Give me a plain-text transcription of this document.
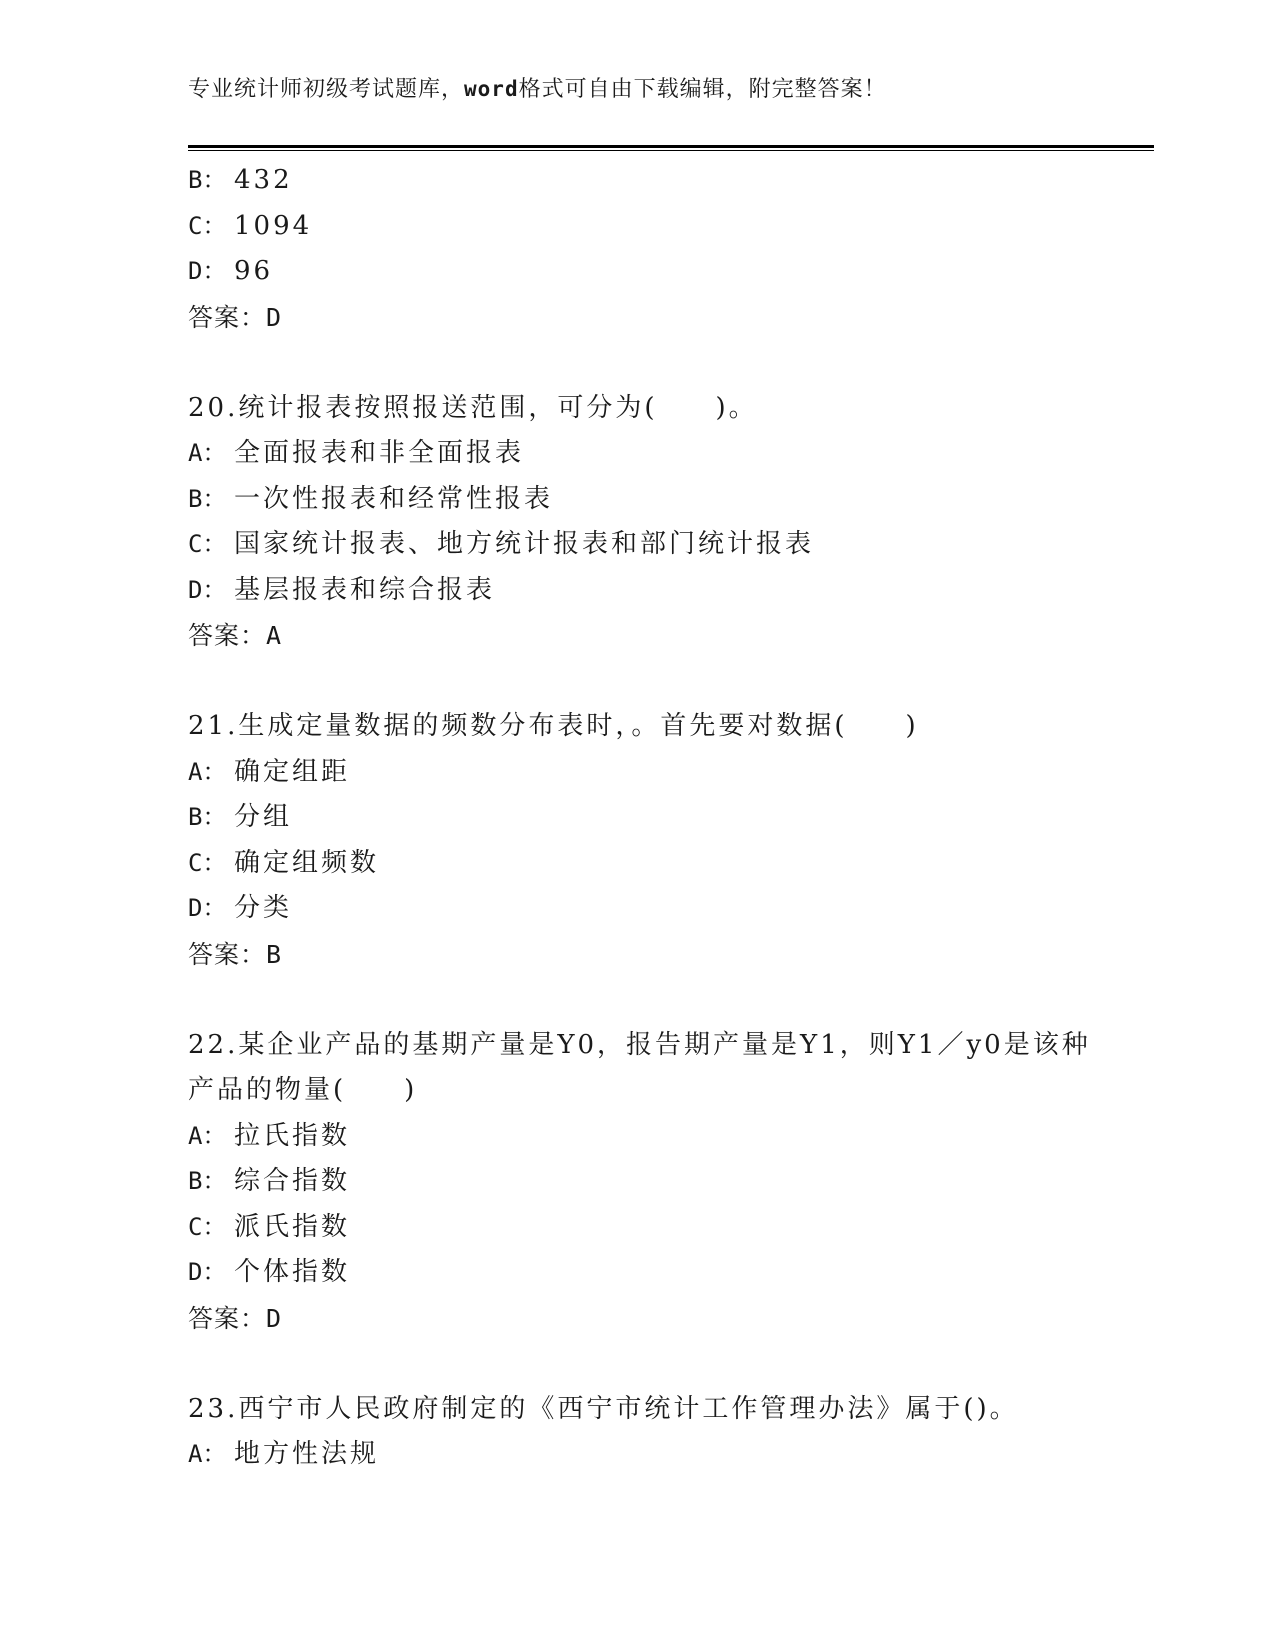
专业统计师初级考试题库，word格式可自由下载编辑，附完整答案！
B： 432
C： 1094
D： 96
答案：D
20.统计报表按照报送范围，可分为(　　)。
A： 全面报表和非全面报表
B： 一次性报表和经常性报表
C： 国家统计报表、地方统计报表和部门统计报表
D： 基层报表和综合报表
答案：A
21.生成定量数据的频数分布表时，。首先要对数据(　　)
A： 确定组距
B： 分组
C： 确定组频数
D： 分类
答案：B
22.某企业产品的基期产量是Y0，报告期产量是Y1，则Y1／y0是该种
产品的物量(　　)
A： 拉氏指数
B： 综合指数
C： 派氏指数
D： 个体指数
答案：D
23.西宁市人民政府制定的《西宁市统计工作管理办法》属于()。
A： 地方性法规
